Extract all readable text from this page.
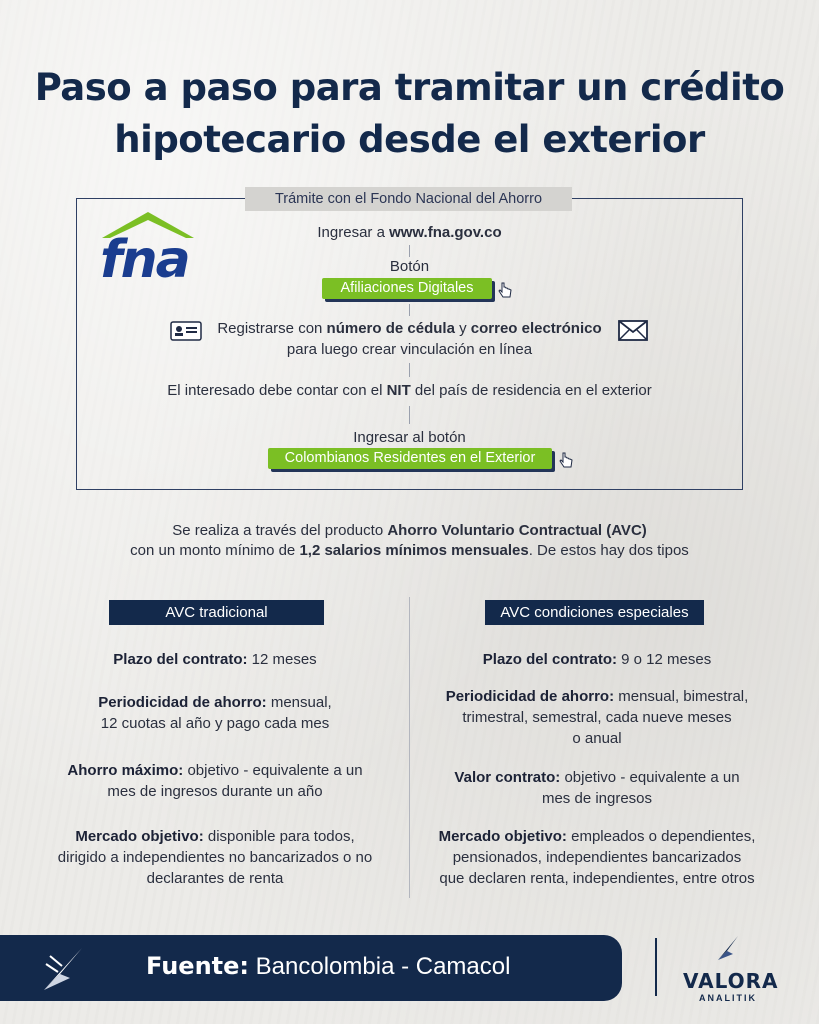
Paso a paso para tramitar un crédito
hipotecario desde el exterior
Trámite con el Fondo Nacional del Ahorro
fna	Ingresar a www.fna.gov.co
Botón
Afiliaciones Digitales
Registrarse con número de cédula y correo electrónico
para luego crear vinculación en línea
El interesado debe contar con el NIT del país de residencia en el exterior
Ingresar al botón
Colombianos Residentes en el Exterior
Se realiza a través del producto Ahorro Voluntario Contractual (AVC)
con un monto mínimo de 1,2 salarios mínimos mensuales. De estos hay dos tipos
AVC tradicional	AVC condiciones especiales
Plazo del contrato: 12 meses
Periodicidad de ahorro: mensual,
12 cuotas al año y pago cada mes
Ahorro máximo: objetivo - equivalente a un
mes de ingresos durante un año
Mercado objetivo: disponible para todos,
dirigido a independientes no bancarizados o no
declarantes de renta
Plazo del contrato: 9 o 12 meses
Periodicidad de ahorro: mensual, bimestral,
trimestral, semestral, cada nueve meses
o anual
Valor contrato: objetivo - equivalente a un
mes de ingresos
Mercado objetivo: empleados o dependientes,
pensionados, independientes bancarizados
que declaren renta, independientes, entre otros
Fuente: Bancolombia - Camacol
VALORA
ANALITIK
